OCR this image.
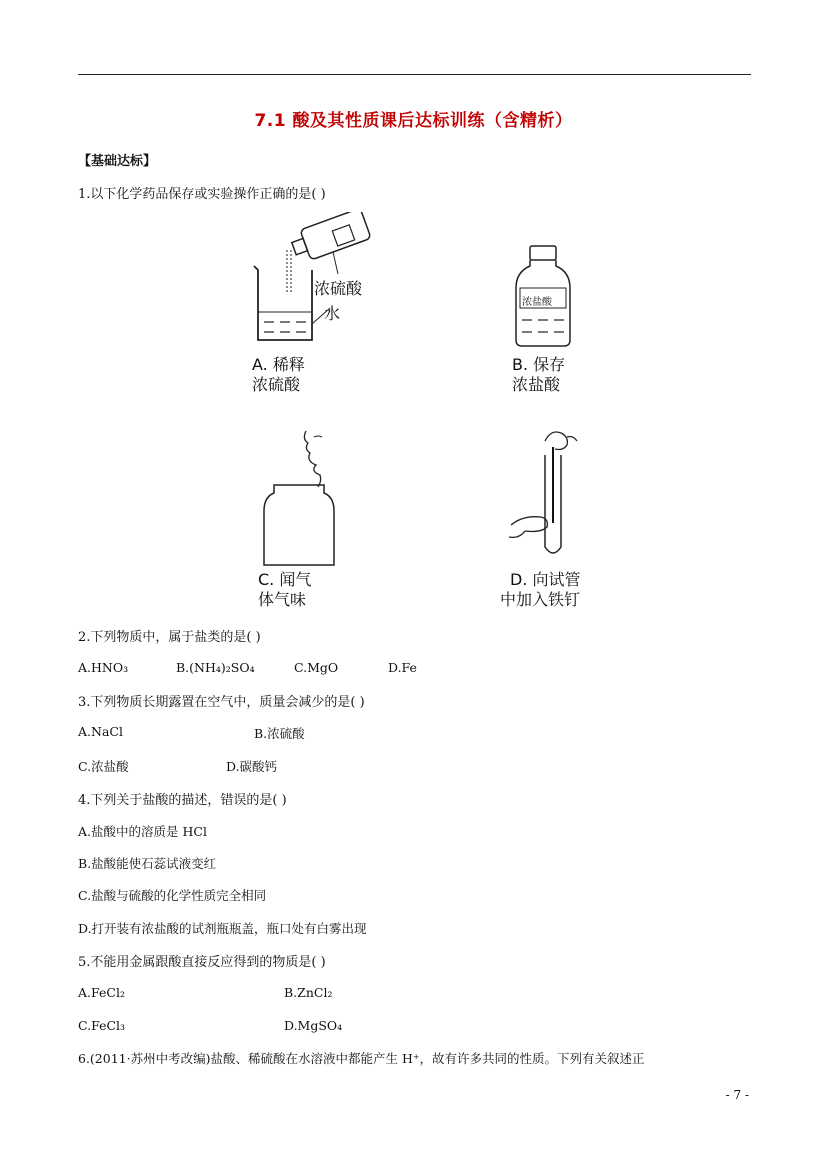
7.1 酸及其性质课后达标训练（含精析）
【基础达标】
1.以下化学药品保存或实验操作正确的是( )
浓硫酸
水
A. 稀释
浓硫酸
浓盐酸
B. 保存
浓盐酸
C. 闻气
体气味
D. 向试管
中加入铁钉
2.下列物质中，属于盐类的是( )
A.HNO₃	B.(NH₄)₂SO₄	C.MgO	D.Fe
3.下列物质长期露置在空气中，质量会减少的是( )
A.NaCl	B.浓硫酸
C.浓盐酸	D.碳酸钙
4.下列关于盐酸的描述，错误的是( )
A.盐酸中的溶质是 HCl
B.盐酸能使石蕊试液变红
C.盐酸与硫酸的化学性质完全相同
D.打开装有浓盐酸的试剂瓶瓶盖，瓶口处有白雾出现
5.不能用金属跟酸直接反应得到的物质是( )
A.FeCl₂	B.ZnCl₂
C.FeCl₃	D.MgSO₄
6.(2011·苏州中考改编)盐酸、稀硫酸在水溶液中都能产生 H⁺，故有许多共同的性质。下列有关叙述正
- 7 -
